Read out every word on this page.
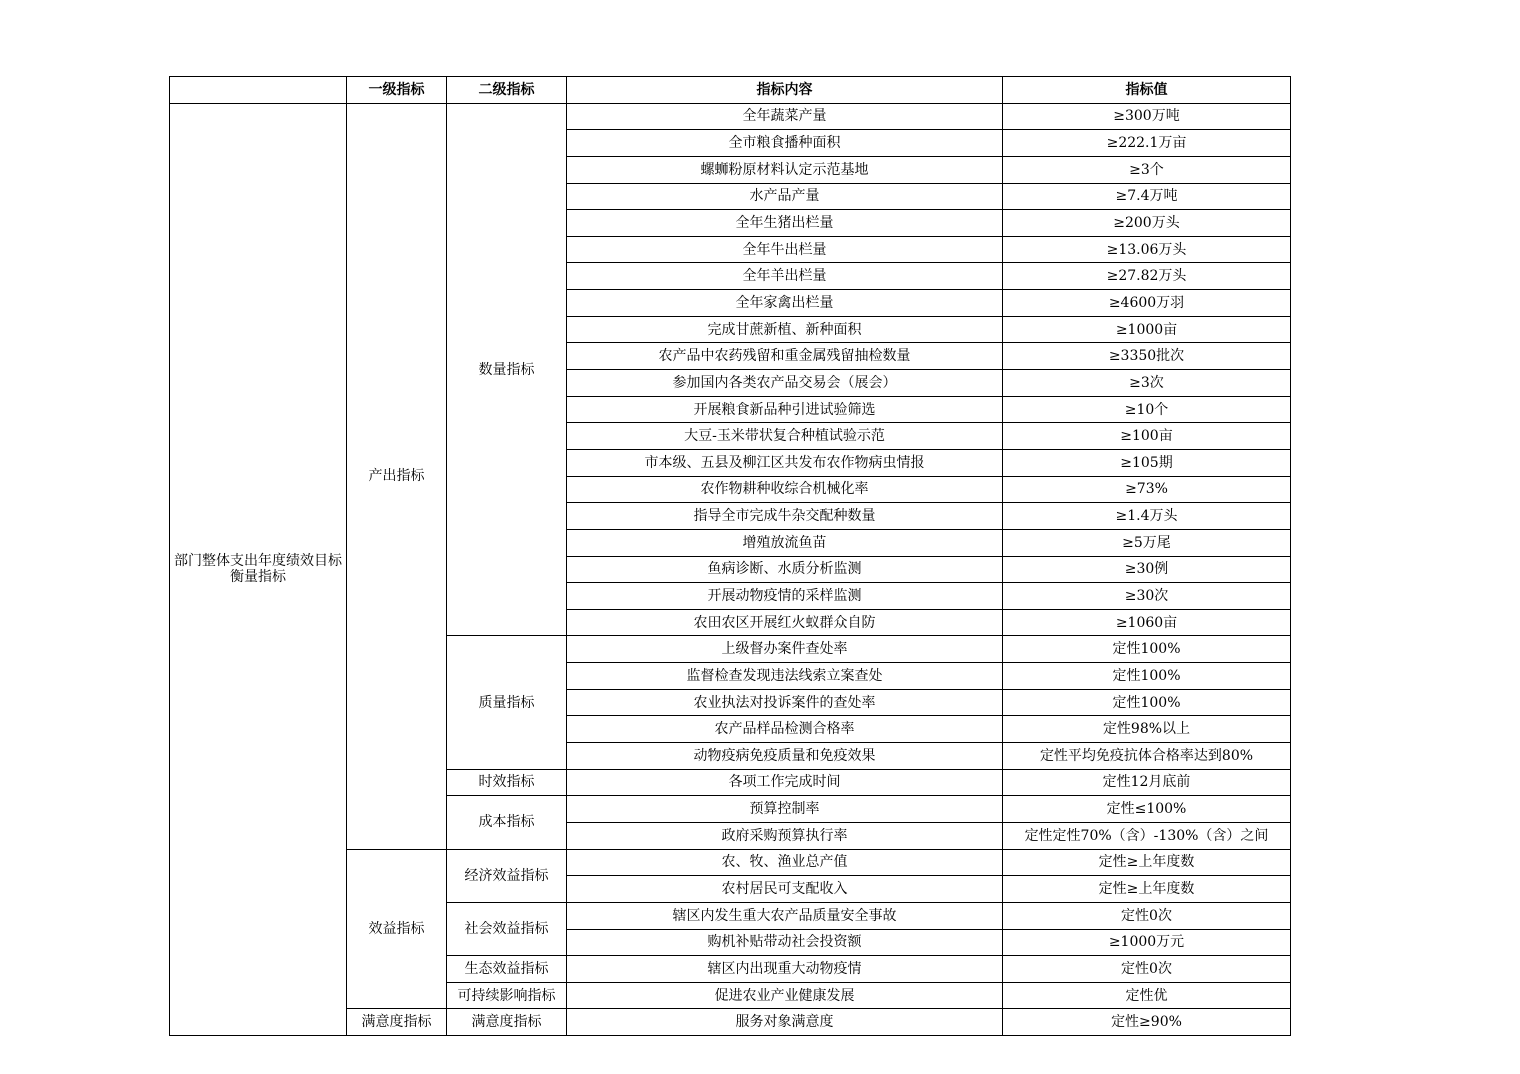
	一级指标	二级指标	指标内容	指标值
部门整体支出年度绩效目标衡量指标	产出指标	数量指标	全年蔬菜产量	≥300万吨
			全市粮食播种面积	≥222.1万亩
			螺蛳粉原材料认定示范基地	≥3个
			水产品产量	≥7.4万吨
			全年生猪出栏量	≥200万头
			全年牛出栏量	≥13.06万头
			全年羊出栏量	≥27.82万头
			全年家禽出栏量	≥4600万羽
			完成甘蔗新植、新种面积	≥1000亩
			农产品中农药残留和重金属残留抽检数量	≥3350批次
			参加国内各类农产品交易会（展会）	≥3次
			开展粮食新品种引进试验筛选	≥10个
			大豆-玉米带状复合种植试验示范	≥100亩
			市本级、五县及柳江区共发布农作物病虫情报	≥105期
			农作物耕种收综合机械化率	≥73%
			指导全市完成牛杂交配种数量	≥1.4万头
			增殖放流鱼苗	≥5万尾
			鱼病诊断、水质分析监测	≥30例
			开展动物疫情的采样监测	≥30次
			农田农区开展红火蚁群众自防	≥1060亩
		质量指标	上级督办案件查处率	定性100%
			监督检查发现违法线索立案查处	定性100%
			农业执法对投诉案件的查处率	定性100%
			农产品样品检测合格率	定性98%以上
			动物疫病免疫质量和免疫效果	定性平均免疫抗体合格率达到80%
		时效指标	各项工作完成时间	定性12月底前
		成本指标	预算控制率	定性≤100%
			政府采购预算执行率	定性定性70%（含）-130%（含）之间
	效益指标	经济效益指标	农、牧、渔业总产值	定性≥上年度数
			农村居民可支配收入	定性≥上年度数
		社会效益指标	辖区内发生重大农产品质量安全事故	定性0次
			购机补贴带动社会投资额	≥1000万元
		生态效益指标	辖区内出现重大动物疫情	定性0次
		可持续影响指标	促进农业产业健康发展	定性优
	满意度指标	满意度指标	服务对象满意度	定性≥90%
